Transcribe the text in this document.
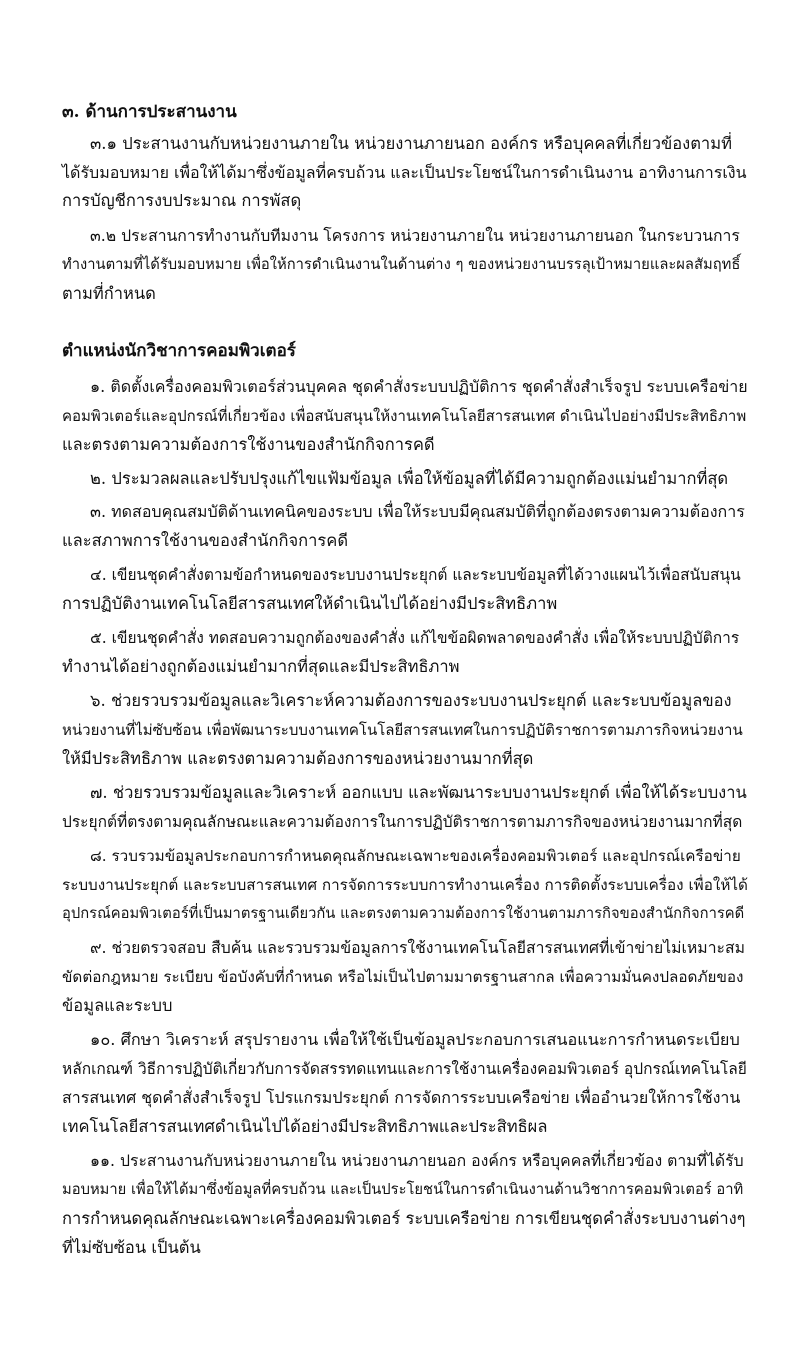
๓. ด้านการประสานงาน
๓.๑ ประสานงานกับหน่วยงานภายใน หน่วยงานภายนอก องค์กร หรือบุคคลที่เกี่ยวข้องตามที่
ได้รับมอบหมาย เพื่อให้ได้มาซึ่งข้อมูลที่ครบถ้วน และเป็นประโยชน์ในการดำเนินงาน อาทิงานการเงิน
การบัญชีการงบประมาณ การพัสดุ
๓.๒ ประสานการทำงานกับทีมงาน โครงการ หน่วยงานภายใน หน่วยงานภายนอก ในกระบวนการ
ทำงานตามที่ได้รับมอบหมาย เพื่อให้การดำเนินงานในด้านต่าง ๆ ของหน่วยงานบรรลุเป้าหมายและผลสัมฤทธิ์
ตามที่กำหนด
ตำแหน่งนักวิชาการคอมพิวเตอร์
๑. ติดตั้งเครื่องคอมพิวเตอร์ส่วนบุคคล ชุดคำสั่งระบบปฏิบัติการ ชุดคำสั่งสำเร็จรูป ระบบเครือข่าย
คอมพิวเตอร์และอุปกรณ์ที่เกี่ยวข้อง เพื่อสนับสนุนให้งานเทคโนโลยีสารสนเทศ ดำเนินไปอย่างมีประสิทธิภาพ
และตรงตามความต้องการใช้งานของสำนักกิจการคดี
๒. ประมวลผลและปรับปรุงแก้ไขแฟ้มข้อมูล เพื่อให้ข้อมูลที่ได้มีความถูกต้องแม่นยำมากที่สุด
๓. ทดสอบคุณสมบัติด้านเทคนิคของระบบ เพื่อให้ระบบมีคุณสมบัติที่ถูกต้องตรงตามความต้องการ
และสภาพการใช้งานของสำนักกิจการคดี
๔. เขียนชุดคำสั่งตามข้อกำหนดของระบบงานประยุกต์ และระบบข้อมูลที่ได้วางแผนไว้เพื่อสนับสนุน
การปฏิบัติงานเทคโนโลยีสารสนเทศให้ดำเนินไปได้อย่างมีประสิทธิภาพ
๕. เขียนชุดคำสั่ง ทดสอบความถูกต้องของคำสั่ง แก้ไขข้อผิดพลาดของคำสั่ง เพื่อให้ระบบปฏิบัติการ
ทำงานได้อย่างถูกต้องแม่นยำมากที่สุดและมีประสิทธิภาพ
๖. ช่วยรวบรวมข้อมูลและวิเคราะห์ความต้องการของระบบงานประยุกต์ และระบบข้อมูลของ
หน่วยงานที่ไม่ซับซ้อน เพื่อพัฒนาระบบงานเทคโนโลยีสารสนเทศในการปฏิบัติราชการตามภารกิจหน่วยงาน
ให้มีประสิทธิภาพ และตรงตามความต้องการของหน่วยงานมากที่สุด
๗. ช่วยรวบรวมข้อมูลและวิเคราะห์ ออกแบบ และพัฒนาระบบงานประยุกต์ เพื่อให้ได้ระบบงาน
ประยุกต์ที่ตรงตามคุณลักษณะและความต้องการในการปฏิบัติราชการตามภารกิจของหน่วยงานมากที่สุด
๘. รวบรวมข้อมูลประกอบการกำหนดคุณลักษณะเฉพาะของเครื่องคอมพิวเตอร์ และอุปกรณ์เครือข่าย
ระบบงานประยุกต์ และระบบสารสนเทศ การจัดการระบบการทำงานเครื่อง การติดตั้งระบบเครื่อง เพื่อให้ได้
อุปกรณ์คอมพิวเตอร์ที่เป็นมาตรฐานเดียวกัน และตรงตามความต้องการใช้งานตามภารกิจของสำนักกิจการคดี
๙. ช่วยตรวจสอบ สืบค้น และรวบรวมข้อมูลการใช้งานเทคโนโลยีสารสนเทศที่เข้าข่ายไม่เหมาะสม
ขัดต่อกฎหมาย ระเบียบ ข้อบังคับที่กำหนด หรือไม่เป็นไปตามมาตรฐานสากล เพื่อความมั่นคงปลอดภัยของ
ข้อมูลและระบบ
๑๐. ศึกษา วิเคราะห์ สรุปรายงาน เพื่อให้ใช้เป็นข้อมูลประกอบการเสนอแนะการกำหนดระเบียบ
หลักเกณฑ์ วิธีการปฏิบัติเกี่ยวกับการจัดสรรทดแทนและการใช้งานเครื่องคอมพิวเตอร์ อุปกรณ์เทคโนโลยี
สารสนเทศ ชุดคำสั่งสำเร็จรูป โปรแกรมประยุกต์ การจัดการระบบเครือข่าย เพื่ออำนวยให้การใช้งาน
เทคโนโลยีสารสนเทศดำเนินไปได้อย่างมีประสิทธิภาพและประสิทธิผล
๑๑. ประสานงานกับหน่วยงานภายใน หน่วยงานภายนอก องค์กร หรือบุคคลที่เกี่ยวข้อง ตามที่ได้รับ
มอบหมาย เพื่อให้ได้มาซึ่งข้อมูลที่ครบถ้วน และเป็นประโยชน์ในการดำเนินงานด้านวิชาการคอมพิวเตอร์ อาทิ
การกำหนดคุณลักษณะเฉพาะเครื่องคอมพิวเตอร์ ระบบเครือข่าย การเขียนชุดคำสั่งระบบงานต่างๆ
ที่ไม่ซับซ้อน เป็นต้น
